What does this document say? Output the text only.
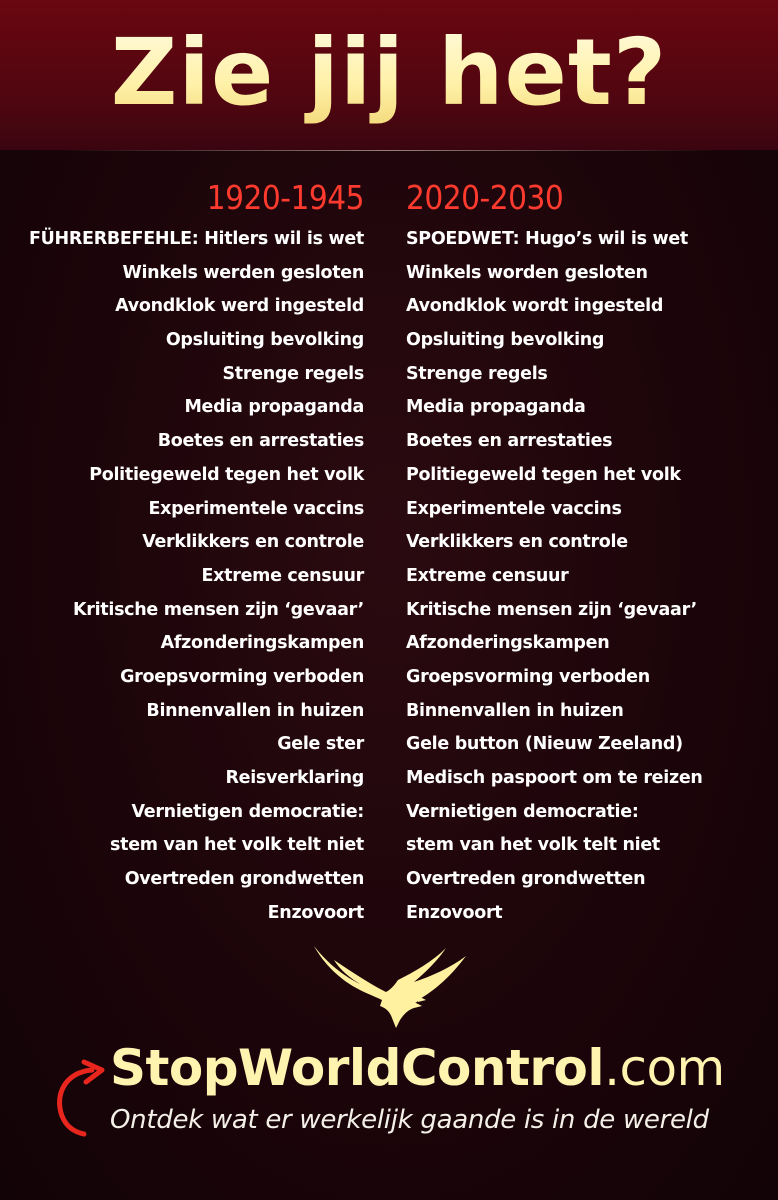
Zie jij het?
1920-1945 2020-2030
FÜHRERBEFEHLE: Hitlers wil is wet
Winkels werden gesloten
Avondklok werd ingesteld
Opsluiting bevolking
Strenge regels
Media propaganda
Boetes en arrestaties
Politiegeweld tegen het volk
Experimentele vaccins
Verklikkers en controle
Extreme censuur
Kritische mensen zijn ‘gevaar’
Afzonderingskampen
Groepsvorming verboden
Binnenvallen in huizen
Gele ster
Reisverklaring
Vernietigen democratie:
stem van het volk telt niet
Overtreden grondwetten
Enzovoort
SPOEDWET: Hugo’s wil is wet
Winkels worden gesloten
Avondklok wordt ingesteld
Opsluiting bevolking
Strenge regels
Media propaganda
Boetes en arrestaties
Politiegeweld tegen het volk
Experimentele vaccins
Verklikkers en controle
Extreme censuur
Kritische mensen zijn ‘gevaar’
Afzonderingskampen
Groepsvorming verboden
Binnenvallen in huizen
Gele button (Nieuw Zeeland)
Medisch paspoort om te reizen
Vernietigen democratie:
stem van het volk telt niet
Overtreden grondwetten
Enzovoort
StopWorldControl.com
Ontdek wat er werkelijk gaande is in de wereld
